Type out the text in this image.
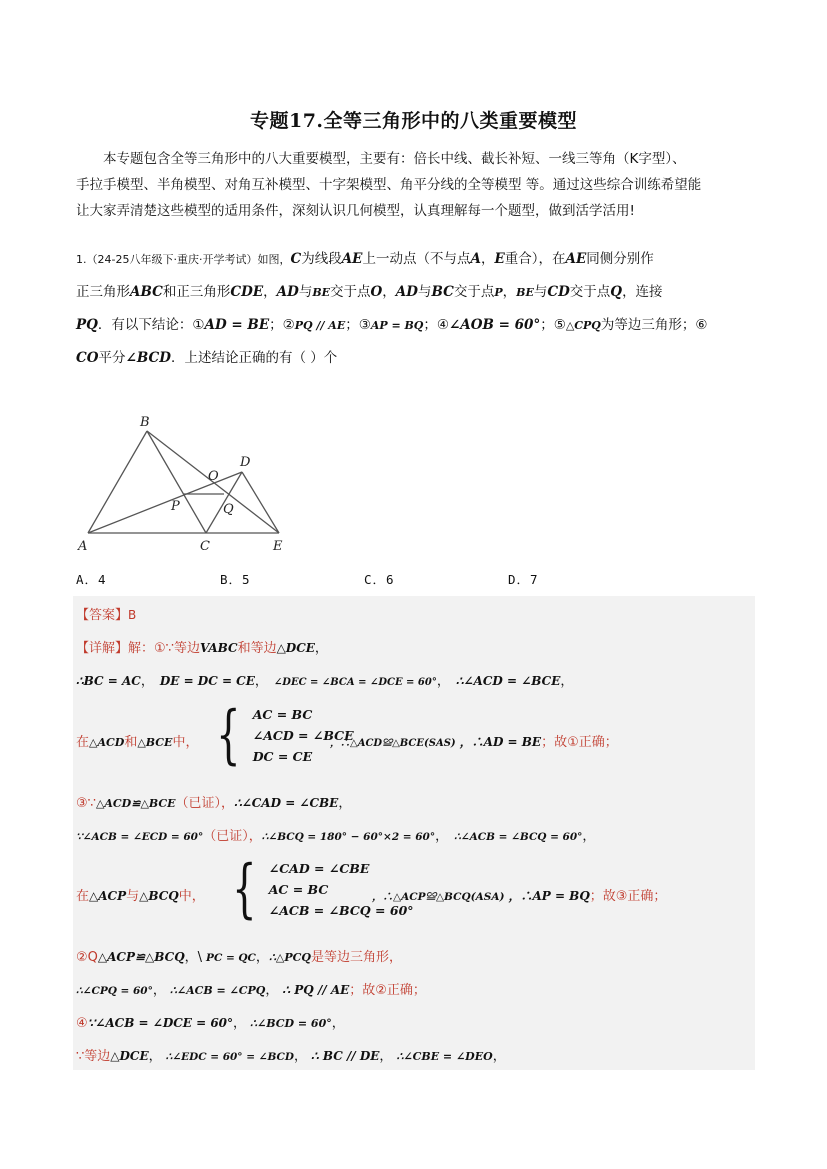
专题17.全等三角形中的八类重要模型
本专题包含全等三角形中的八大重要模型，主要有：倍长中线、截长补短、一线三等角（K字型）、
手拉手模型、半角模型、对角互补模型、十字架模型、角平分线的全等模型 等。通过这些综合训练希望能
让大家弄清楚这些模型的适用条件，深刻认识几何模型，认真理解每一个题型，做到活学活用!
1.（24-25八年级下·重庆·开学考试）如图，C为线段AE上一动点（不与点A，E重合），在AE同侧分别作
正三角形ABC和正三角形CDE，AD与BE交于点O，AD与BC交于点P，BE与CD交于点Q，连接
PQ．有以下结论：①AD = BE；②PQ // AE；③AP = BQ；④∠AOB = 60°；⑤△CPQ为等边三角形；⑥
CO平分∠BCD．上述结论正确的有（ ）个
A
B
C
D
E
O
P	Q
A．4	B．5	C．6	D．7
【答案】B
【详解】解：①∵等边VABC和等边△DCE，
∴BC = AC， DE = DC = CE， ∠DEC = ∠BCA = ∠DCE = 60°， ∴∠ACD = ∠BCE，
在△ACD和△BCE中， { AC = BC
∠ACD = ∠BCE
DC = CE
，∴△ACD≌△BCE(SAS) ，∴AD = BE；故①正确；
③∵△ACD≌△BCE（已证），∴∠CAD = ∠CBE，
∵∠ACB = ∠ECD = 60°（已证），∴∠BCQ = 180° − 60°×2 = 60°， ∴∠ACB = ∠BCQ = 60°，
在△ACP与△BCQ中， { ∠CAD = ∠CBE
AC = BC
∠ACB = ∠BCQ = 60°
，∴△ACP≌△BCQ(ASA) ，∴AP = BQ；故③正确；
②Q△ACP≌△BCQ，\ PC = QC，∴△PCQ是等边三角形，
∴∠CPQ = 60°， ∴∠ACB = ∠CPQ， ∴ PQ // AE；故②正确；
④∵∠ACB = ∠DCE = 60°， ∴∠BCD = 60°，
∵等边△DCE， ∴∠EDC = 60° = ∠BCD， ∴ BC // DE， ∴∠CBE = ∠DEO，
